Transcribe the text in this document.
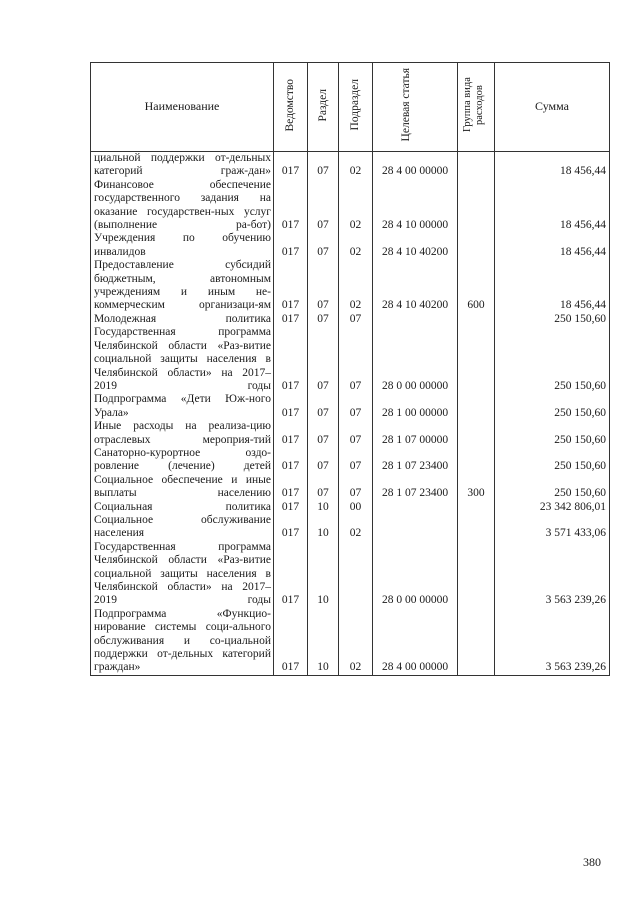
Наименование	Ведомство	Раздел	Подраздел	Целевая статья	Группа вида расходов	Сумма
циальной поддержки от-дельных категорий граж-дан»	017	07	02	28 4 00 00000		18 456,44
Финансовое обеспечение государственного задания на оказание государствен-ных услуг (выполнение ра-бот)	017	07	02	28 4 10 00000		18 456,44
Учреждения по обучению инвалидов	017	07	02	28 4 10 40200		18 456,44
Предоставление субсидий бюджетным, автономным учреждениям и иным не-коммерческим организаци-ям	017	07	02	28 4 10 40200	600	18 456,44
Молодежная политика	017	07	07			250 150,60
Государственная программа Челябинской области «Раз-витие социальной защиты населения в Челябинской области» на 2017–2019 годы	017	07	07	28 0 00 00000		250 150,60
Подпрограмма «Дети Юж-ного Урала»	017	07	07	28 1 00 00000		250 150,60
Иные расходы на реализа-цию отраслевых мероприя-тий	017	07	07	28 1 07 00000		250 150,60
Санаторно-курортное оздо-ровление (лечение) детей	017	07	07	28 1 07 23400		250 150,60
Социальное обеспечение и иные выплаты населению	017	07	07	28 1 07 23400	300	250 150,60
Социальная политика	017	10	00			23 342 806,01
Социальное обслуживание населения	017	10	02			3 571 433,06
Государственная программа Челябинской области «Раз-витие социальной защиты населения в Челябинской области» на 2017–2019 годы	017	10		28 0 00 00000		3 563 239,26
Подпрограмма «Функцио-нирование системы соци-ального обслуживания и со-циальной поддержки от-дельных категорий граждан»	017	10	02	28 4 00 00000		3 563 239,26
380
